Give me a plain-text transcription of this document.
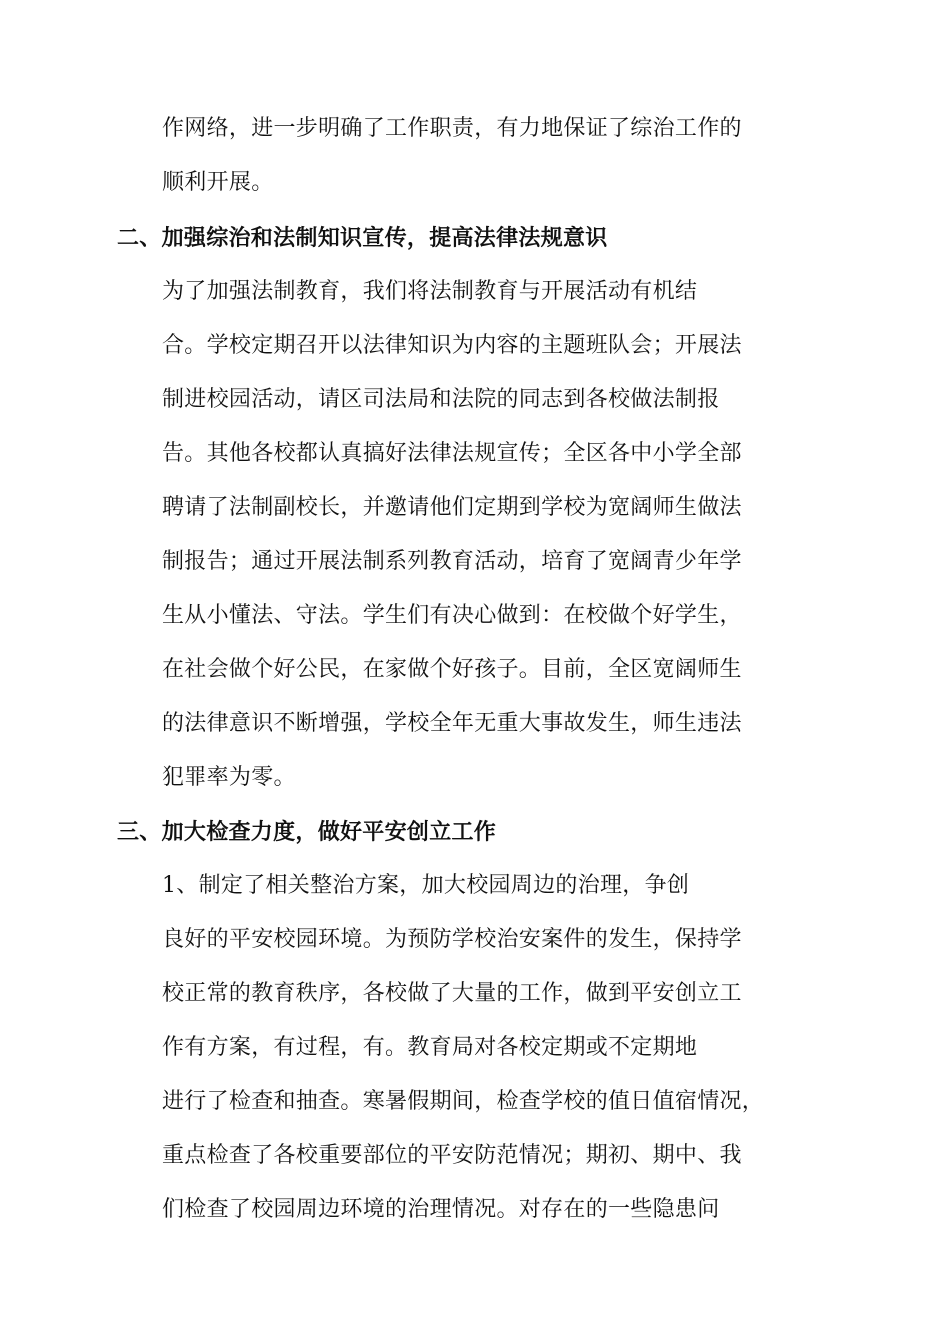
作网络，进一步明确了工作职责，有力地保证了综治工作的
顺利开展。
二、加强综治和法制知识宣传，提高法律法规意识
为了加强法制教育，我们将法制教育与开展活动有机结
合。学校定期召开以法律知识为内容的主题班队会；开展法
制进校园活动，请区司法局和法院的同志到各校做法制报
告。其他各校都认真搞好法律法规宣传；全区各中小学全部
聘请了法制副校长，并邀请他们定期到学校为宽阔师生做法
制报告；通过开展法制系列教育活动，培育了宽阔青少年学
生从小懂法、守法。学生们有决心做到：在校做个好学生，
在社会做个好公民，在家做个好孩子。目前，全区宽阔师生
的法律意识不断增强，学校全年无重大事故发生，师生违法
犯罪率为零。
三、加大检查力度，做好平安创立工作
1、制定了相关整治方案，加大校园周边的治理，争创
良好的平安校园环境。为预防学校治安案件的发生，保持学
校正常的教育秩序，各校做了大量的工作，做到平安创立工
作有方案，有过程，有。教育局对各校定期或不定期地
进行了检查和抽查。寒暑假期间，检查学校的值日值宿情况，
重点检查了各校重要部位的平安防范情况；期初、期中、我
们检查了校园周边环境的治理情况。对存在的一些隐患问
